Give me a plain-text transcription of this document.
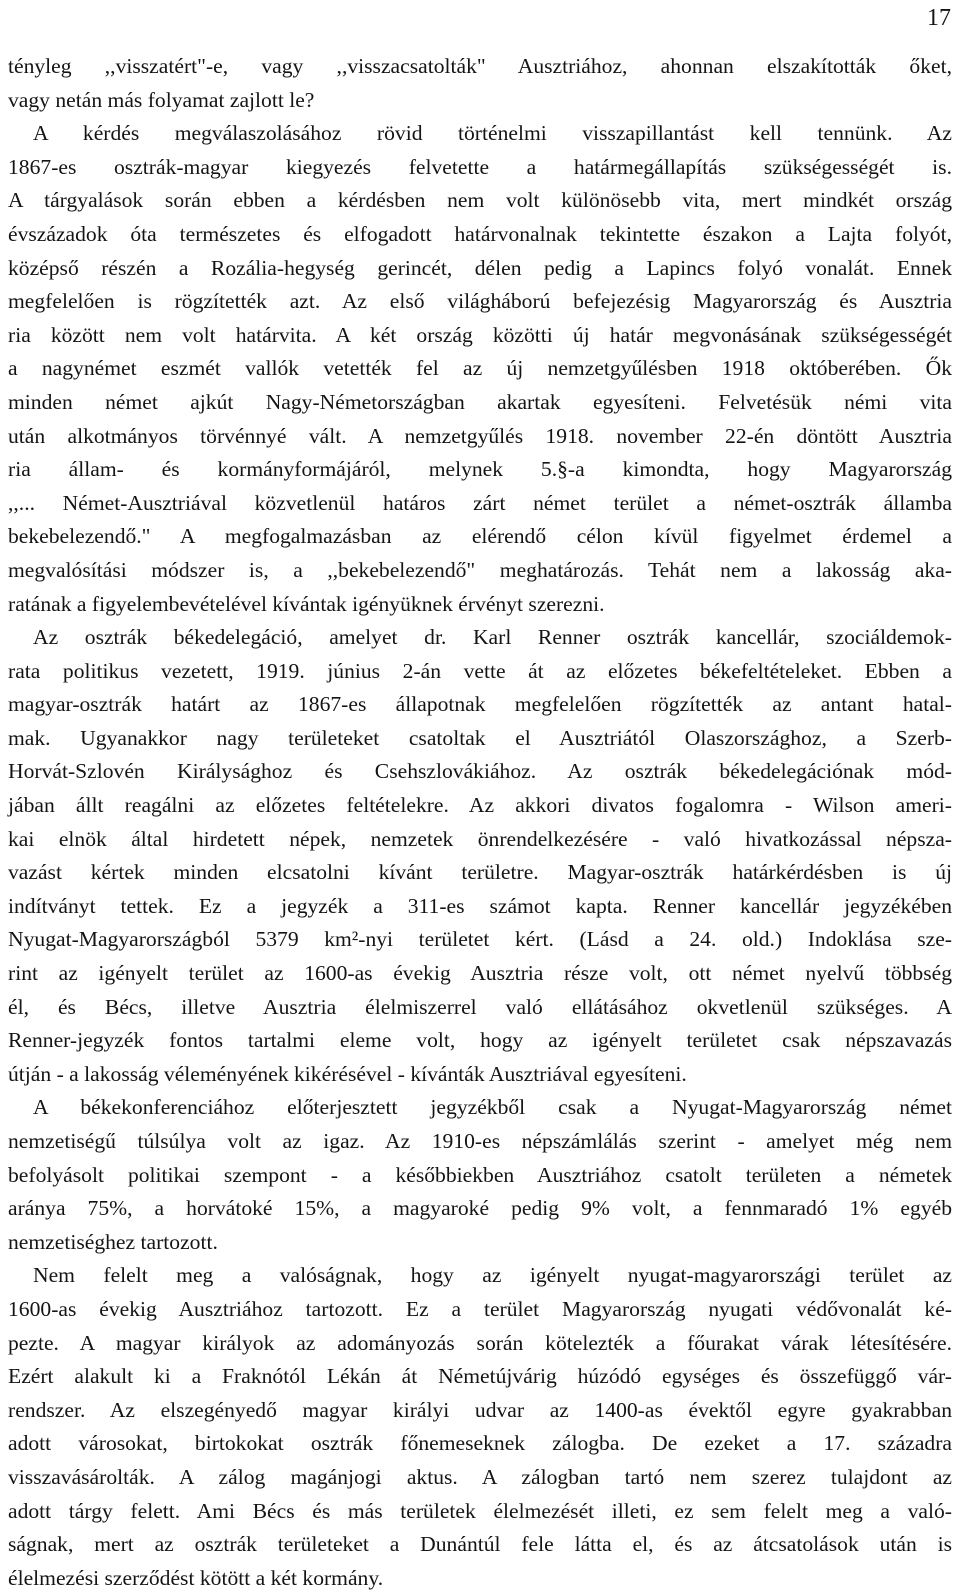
17
tényleg ,,visszatért"-e, vagy ,,visszacsatolták" Ausztriához, ahonnan elszakították őket,
vagy netán más folyamat zajlott le?
A kérdés megválaszolásához rövid történelmi visszapillantást kell tennünk. Az
1867-es osztrák-magyar kiegyezés felvetette a határmegállapítás szükségességét is.
A tárgyalások során ebben a kérdésben nem volt különösebb vita, mert mindkét ország
évszázadok óta természetes és elfogadott határvonalnak tekintette északon a Lajta folyót,
középső részén a Rozália-hegység gerincét, délen pedig a Lapincs folyó vonalát. Ennek
megfelelően is rögzítették azt. Az első világháború befejezésig Magyarország és Ausztria
ria között nem volt határvita. A két ország közötti új határ megvonásának szükségességét
a nagynémet eszmét vallók vetették fel az új nemzetgyűlésben 1918 októberében. Ők
minden német ajkút Nagy-Németországban akartak egyesíteni. Felvetésük némi vita
után alkotmányos törvénnyé vált. A nemzetgyűlés 1918. november 22-én döntött Ausztria
ria állam- és kormányformájáról, melynek 5.§-a kimondta, hogy Magyarország
,,... Német-Ausztriával közvetlenül határos zárt német terület a német-osztrák államba
bekebelezendő." A megfogalmazásban az elérendő célon kívül figyelmet érdemel a
megvalósítási módszer is, a ,,bekebelezendő" meghatározás. Tehát nem a lakosság aka-
ratának a figyelembevételével kívántak igényüknek érvényt szerezni.
Az osztrák békedelegáció, amelyet dr. Karl Renner osztrák kancellár, szociáldemok-
rata politikus vezetett, 1919. június 2-án vette át az előzetes békefeltételeket. Ebben a
magyar-osztrák határt az 1867-es állapotnak megfelelően rögzítették az antant hatal-
mak. Ugyanakkor nagy területeket csatoltak el Ausztriától Olaszországhoz, a Szerb-
Horvát-Szlovén Királysághoz és Csehszlovákiához. Az osztrák békedelegációnak mód-
jában állt reagálni az előzetes feltételekre. Az akkori divatos fogalomra - Wilson ameri-
kai elnök által hirdetett népek, nemzetek önrendelkezésére - való hivatkozással népsza-
vazást kértek minden elcsatolni kívánt területre. Magyar-osztrák határkérdésben is új
indítványt tettek. Ez a jegyzék a 311-es számot kapta. Renner kancellár jegyzékében
Nyugat-Magyarországból 5379 km²-nyi területet kért. (Lásd a 24. old.) Indoklása sze-
rint az igényelt terület az 1600-as évekig Ausztria része volt, ott német nyelvű többség
él, és Bécs, illetve Ausztria élelmiszerrel való ellátásához okvetlenül szükséges. A
Renner-jegyzék fontos tartalmi eleme volt, hogy az igényelt területet csak népszavazás
útján - a lakosság véleményének kikérésével - kívánták Ausztriával egyesíteni.
A békekonferenciához előterjesztett jegyzékből csak a Nyugat-Magyarország német
nemzetiségű túlsúlya volt az igaz. Az 1910-es népszámlálás szerint - amelyet még nem
befolyásolt politikai szempont - a későbbiekben Ausztriához csatolt területen a németek
aránya 75%, a horvátoké 15%, a magyaroké pedig 9% volt, a fennmaradó 1% egyéb
nemzetiséghez tartozott.
Nem felelt meg a valóságnak, hogy az igényelt nyugat-magyarországi terület az
1600-as évekig Ausztriához tartozott. Ez a terület Magyarország nyugati védővonalát ké-
pezte. A magyar királyok az adományozás során kötelezték a főurakat várak létesítésére.
Ezért alakult ki a Fraknótól Lékán át Németújvárig húzódó egységes és összefüggő vár-
rendszer. Az elszegényedő magyar királyi udvar az 1400-as évektől egyre gyakrabban
adott városokat, birtokokat osztrák főnemeseknek zálogba. De ezeket a 17. századra
visszavásárolták. A zálog magánjogi aktus. A zálogban tartó nem szerez tulajdont az
adott tárgy felett. Ami Bécs és más területek élelmezését illeti, ez sem felelt meg a való-
ságnak, mert az osztrák területeket a Dunántúl fele látta el, és az átcsatolások után is
élelmezési szerződést kötött a két kormány.
